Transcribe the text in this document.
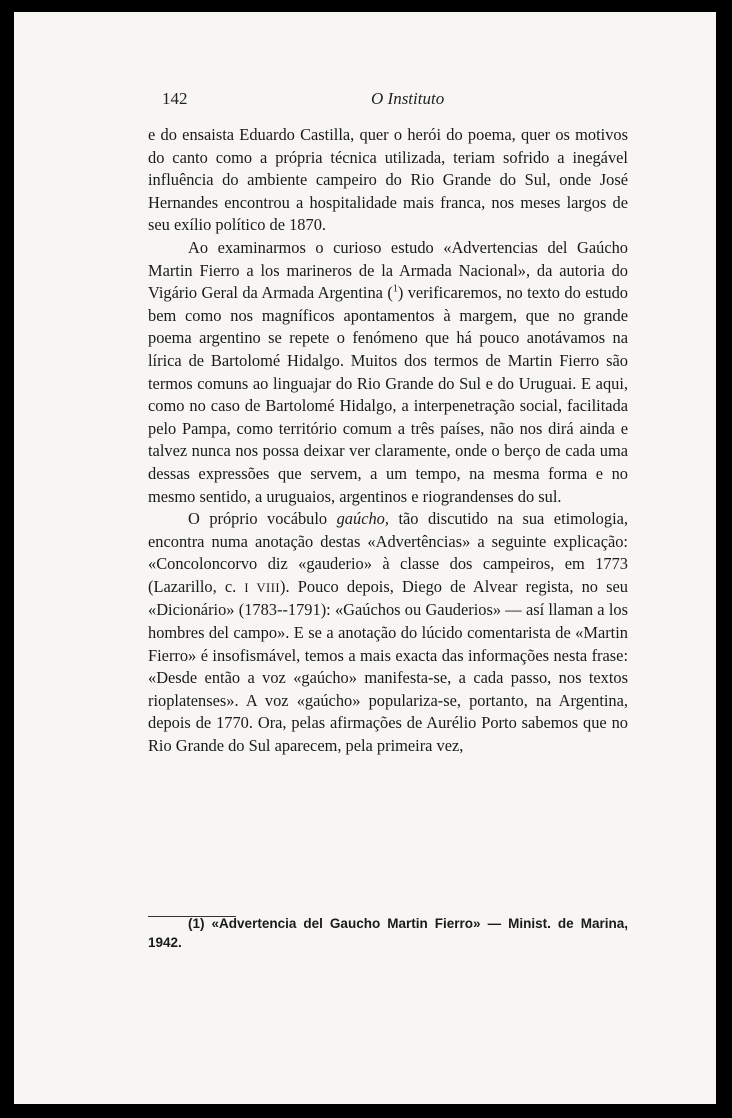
142	O Instituto

e do ensaista Eduardo Castilla, quer o herói do poema, quer os motivos do canto como a própria técnica utilizada, teriam sofrido a inegável influência do ambiente campeiro do Rio Grande do Sul, onde José Hernandes encontrou a hospitalidade mais franca, nos meses largos de seu exílio político de 1870.

Ao examinarmos o curioso estudo «Advertencias del Gaúcho Martin Fierro a los marineros de la Armada Nacional», da autoria do Vigário Geral da Armada Argentina ($^1$) verificaremos, no texto do estudo bem como nos magníficos apontamentos à margem, que no grande poema argentino se repete o fenómeno que há pouco anotávamos na lírica de Bartolomé Hidalgo. Muitos dos termos de Martin Fierro são termos comuns ao linguajar do Rio Grande do Sul e do Uruguai. E aqui, como no caso de Bartolomé Hidalgo, a interpenetração social, facilitada pelo Pampa, como território comum a três países, não nos dirá ainda e talvez nunca nos possa deixar ver claramente, onde o berço de cada uma dessas expressões que servem, a um tempo, na mesma forma e no mesmo sentido, a uruguaios, argentinos e riograndenses do sul.

O próprio vocábulo gaúcho, tão discutido na sua etimologia, encontra numa anotação destas «Advertências» a seguinte explicação: «Concoloncorvo diz «gauderio» à classe dos campeiros, em 1773 (Lazarillo, c. I VIII). Pouco depois, Diego de Alvear regista, no seu «Dicionário» (1783--1791): «Gaúchos ou Gauderios» — así llaman a los hombres del campo». E se a anotação do lúcido comentarista de «Martin Fierro» é insofismável, temos a mais exacta das informações nesta frase: «Desde então a voz «gaúcho» manifesta-se, a cada passo, nos textos rioplatenses». A voz «gaúcho» populariza-se, portanto, na Argentina, depois de 1770. Ora, pelas afirmações de Aurélio Porto sabemos que no Rio Grande do Sul aparecem, pela primeira vez,

(1) «Advertencia del Gaucho Martin Fierro» — Minist. de Marina, 1942.
